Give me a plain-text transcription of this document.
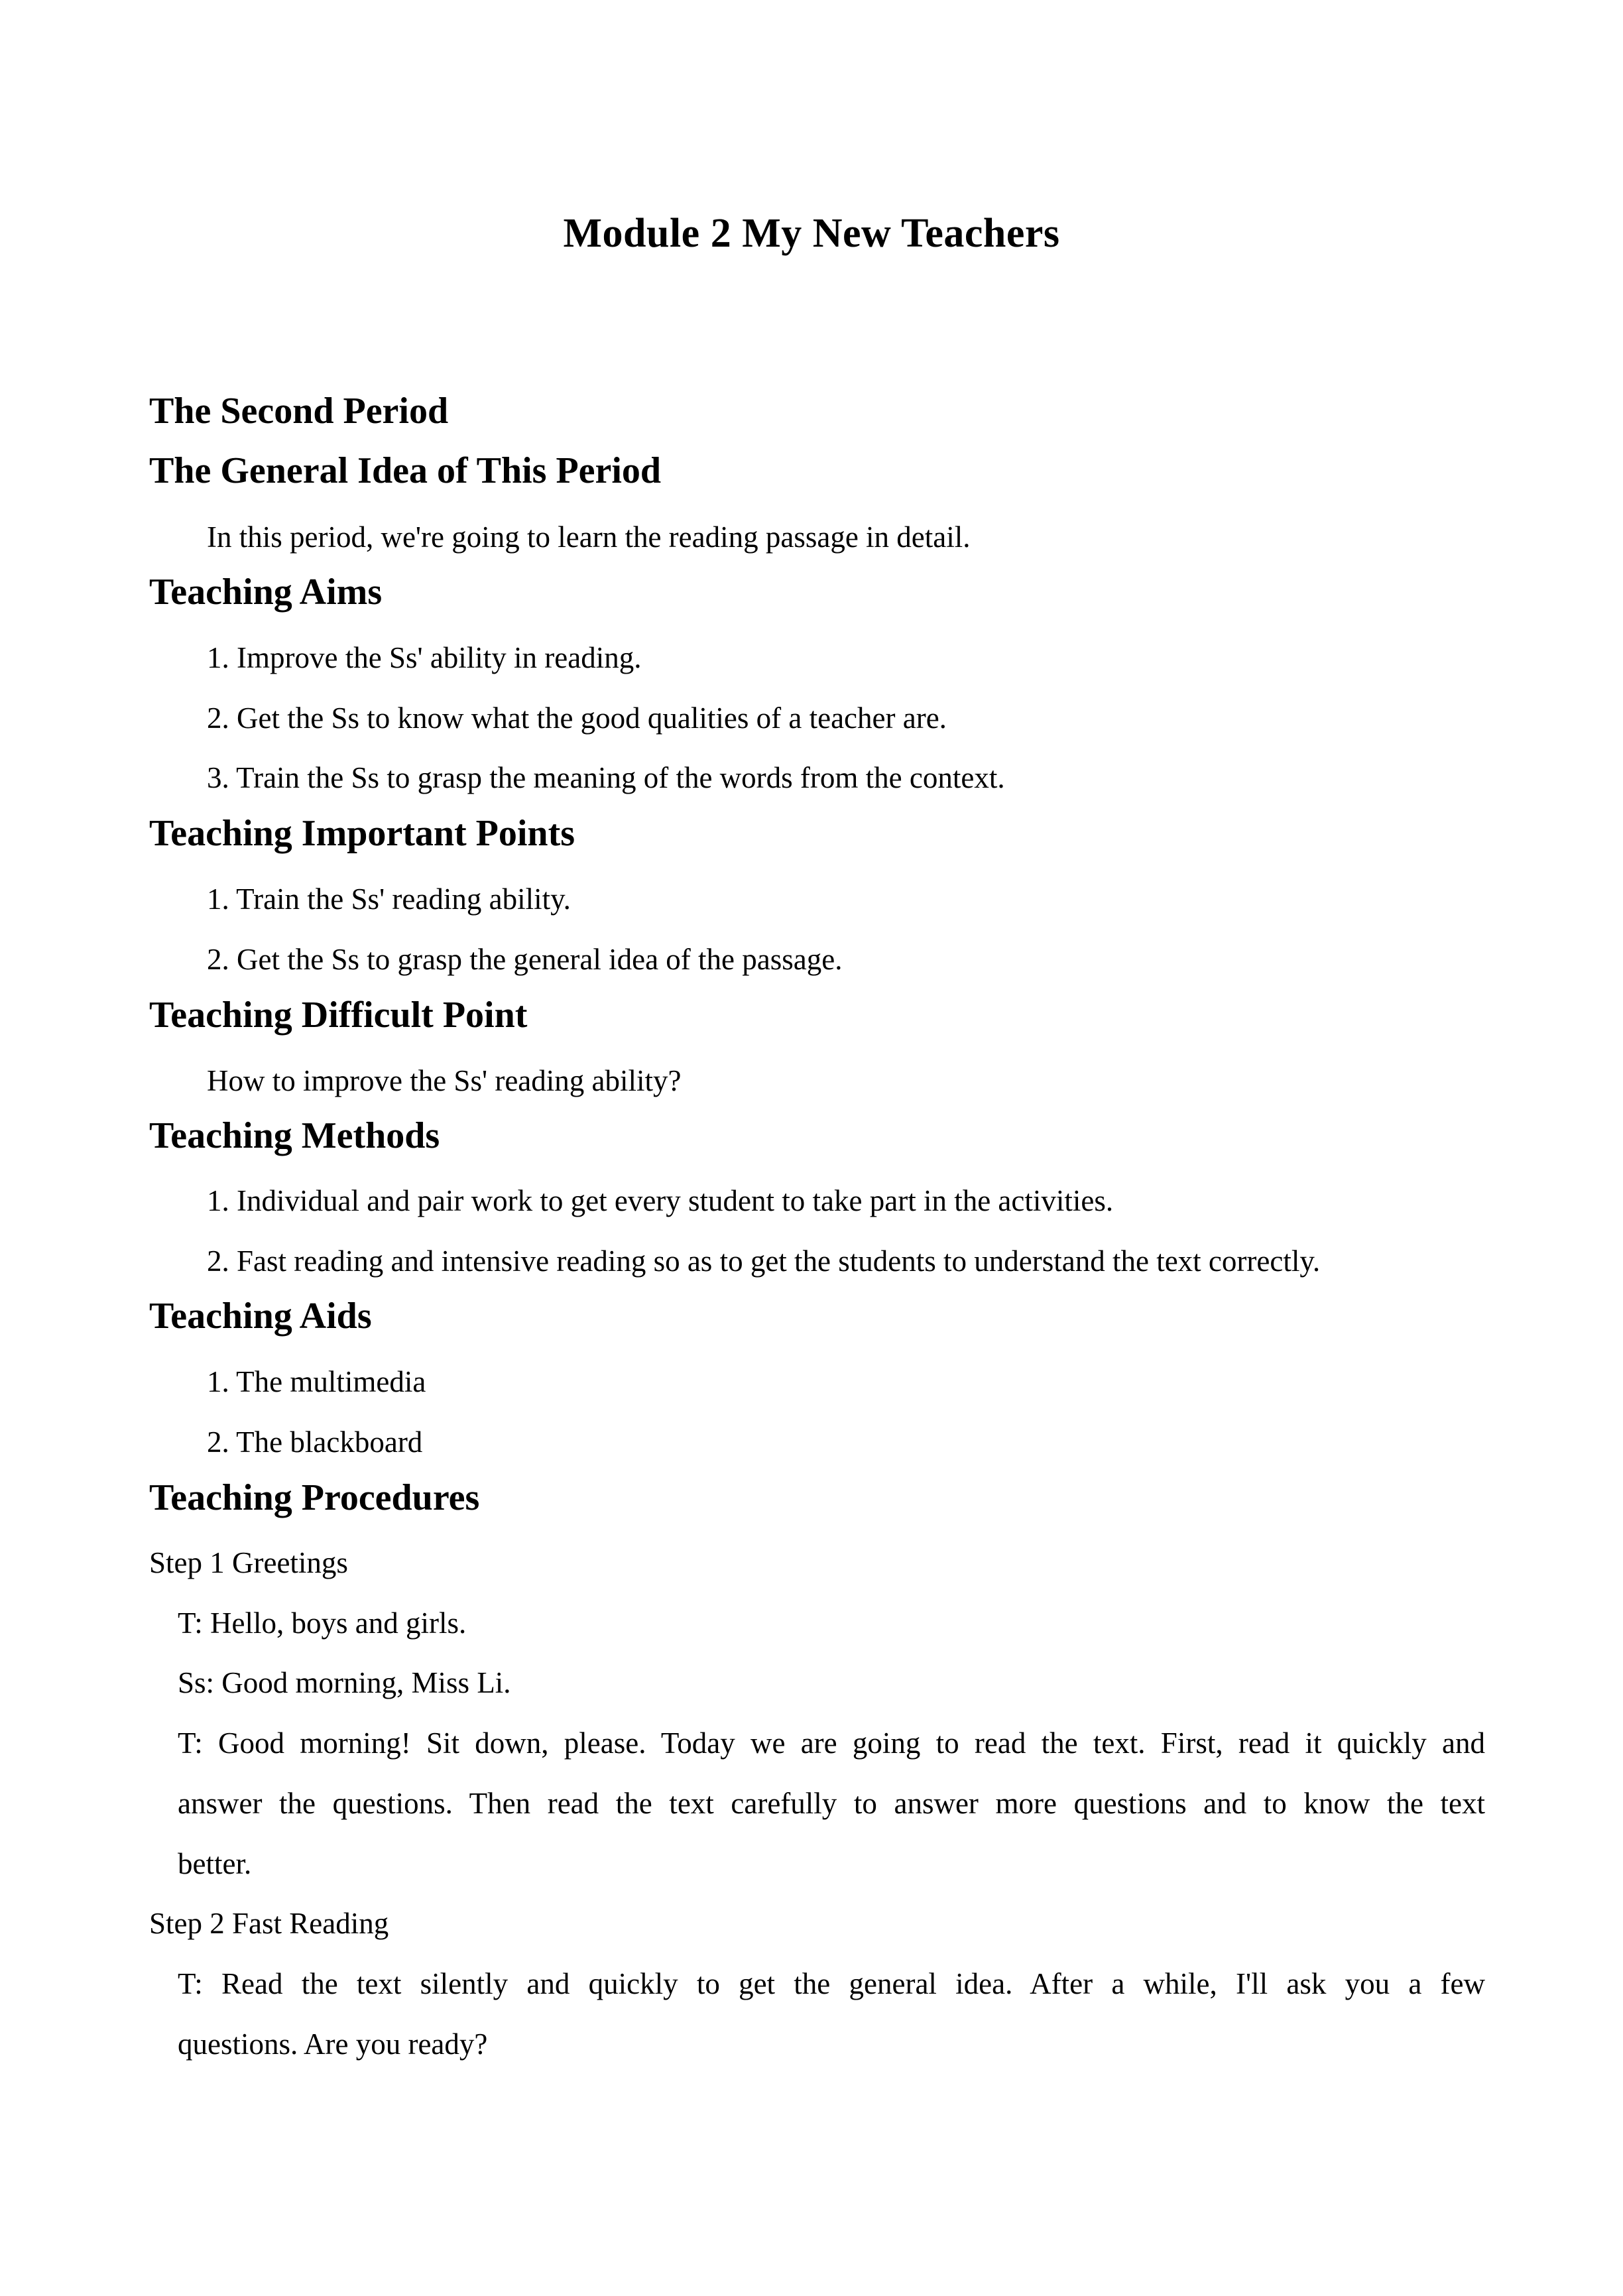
Module 2 My New Teachers
The Second Period
The General Idea of This Period
In this period, we're going to learn the reading passage in detail.
Teaching Aims
1. Improve the Ss' ability in reading.
2. Get the Ss to know what the good qualities of a teacher are.
3. Train the Ss to grasp the meaning of the words from the context.
Teaching Important Points
1. Train the Ss' reading ability.
2. Get the Ss to grasp the general idea of the passage.
Teaching Difficult Point
How to improve the Ss' reading ability?
Teaching Methods
1. Individual and pair work to get every student to take part in the activities.
2. Fast reading and intensive reading so as to get the students to understand the text correctly.
Teaching Aids
1. The multimedia
2. The blackboard
Teaching Procedures
Step 1 Greetings
T: Hello, boys and girls.
Ss: Good morning, Miss Li.
T: Good morning! Sit down, please. Today we are going to read the text. First, read it quickly and
answer the questions. Then read the text carefully to answer more questions and to know the text
better.
Step 2 Fast Reading
T: Read the text silently and quickly to get the general idea. After a while, I'll ask you a few
questions. Are you ready?
